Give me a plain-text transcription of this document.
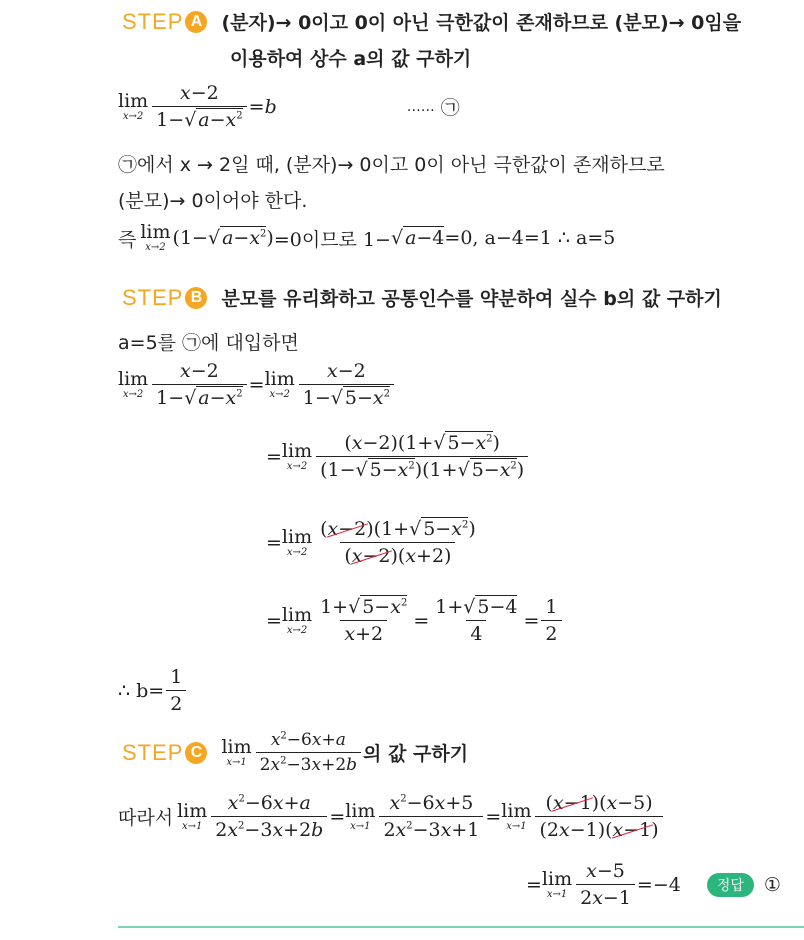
STEP A (분자)→ 0이고 0이 아닌 극한값이 존재하므로 (분모)→ 0임을
이용하여 상수 a의 값 구하기
lim
$x\to 2 \frac{x-2}{1-√ a-x^2} =b$	…… ㉠
㉠에서 x → 2일 때, (분자)→ 0이고 0이 아닌 극한값이 존재하므로
(분모)→ 0이어야 한다.
즉 lim
x→2 (1−√ $a-x^2) =0$이므로 1− √ a−4 =0, a−4=1 ∴ a=5
STEP B 분모를 유리화하고 공통인수를 약분하여 실수 b의 값 구하기
a=5를 ㉠에 대입하면
lim
$x\to 2 \frac{x-2}{1-√ a-x^2} = \lim$
$x\to 2 \frac{x-2}{1-√ 5-x^2}$
= lim
$x\to 2 \frac{(x-2)(1+√ 5-x^2)}{(1-√ 5-x^2)(1+√ 5-x^2)}$
= lim
$x\to 2 \frac{(x-2)(1+√ 5-x^2)}{(x-2)(x+2)}$
= lim
$x\to 2 \frac{1+√ 5-x^2}{x+2} = \frac{1+√ 5-4}{4} = \frac{1}{2}$
∴ $b= \frac{1}{2}$
STEP C lim
$x\to 1 \frac{x^2-6x+a}{2x^2-3x+2b}$ 의 값 구하기
따라서 lim
$x\to 1 \frac{x^2-6x+a}{2x^2-3x+2b} = \lim$
$x\to 1 \frac{x^2-6x+5}{2x^2-3x+1} = \lim$
$x\to 1 \frac{(x-1)(x-5)}{(2x-1)(x-1)}$
= lim
$x\to 1 \frac{x-5}{2x-1} =-4$	정답	①
